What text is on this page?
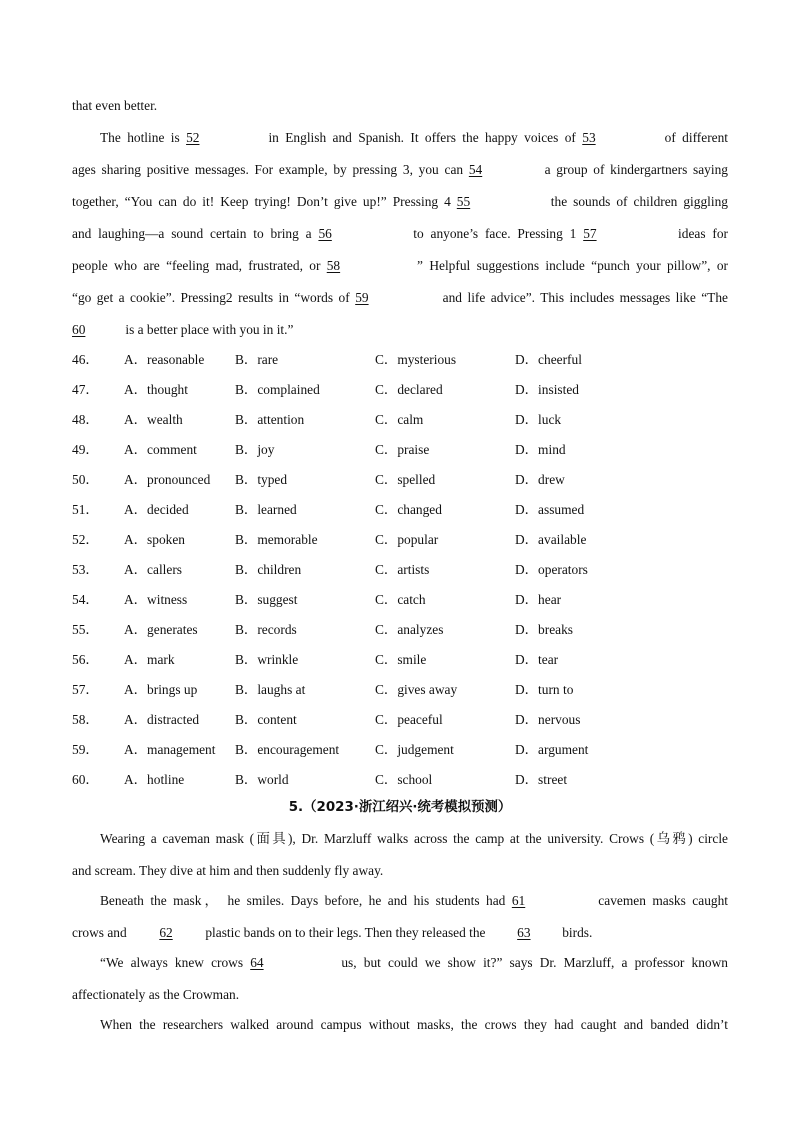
that even better.
The hotline is 52	in English and Spanish. It offers the happy voices of 53	of different
ages sharing positive messages. For example, by pressing 3, you can 54	a group of kindergartners saying
together, “You can do it! Keep trying! Don’t give up!” Pressing 4 55	the sounds of children giggling
and laughing—a sound certain to bring a 56	to anyone’s face. Pressing 1 57	ideas for
people who are “feeling mad, frustrated, or 58	” Helpful suggestions include “punch your pillow”, or
“go get a cookie”. Pressing2 results in “words of 59	and life advice”. This includes messages like “The
60	is a better place with you in it.”
46． A．reasonable B．rare	C．mysterious	D．cheerful
47． A．thought	B．complained	C．declared	D．insisted
48． A．wealth	B．attention	C．calm	D．luck
49． A．comment	B．joy	C．praise	D．mind
50． A．pronounced B．typed	C．spelled	D．drew
51． A．decided	B．learned	C．changed	D．assumed
52． A．spoken	B．memorable	C．popular	D．available
53． A．callers	B．children	C．artists	D．operators
54． A．witness	B．suggest	C．catch	D．hear
55． A．generates	B．records	C．analyzes	D．breaks
56． A．mark	B．wrinkle	C．smile	D．tear
57． A．brings up	B．laughs at	C．gives away	D．turn to
58． A．distracted	B．content	C．peaceful	D．nervous
59． A．management B．encouragement	C．judgement	D．argument
60． A．hotline	B．world	C．school	D．street
5.（2023·浙江绍兴·统考模拟预测）
Wearing a caveman mask (面具), Dr. Marzluff walks across the camp at the university. Crows (乌鸦) circle
and scream. They dive at him and then suddenly fly away.
Beneath the mask， he smiles. Days before, he and his students had 61	cavemen masks caught
crows and 62 plastic bands on to their legs. Then they released the 63 birds.
“We always knew crows 64	us, but could we show it?” says Dr. Marzluff, a professor known
affectionately as the Crowman.
When the researchers walked around campus without masks, the crows they had caught and banded didn’t
